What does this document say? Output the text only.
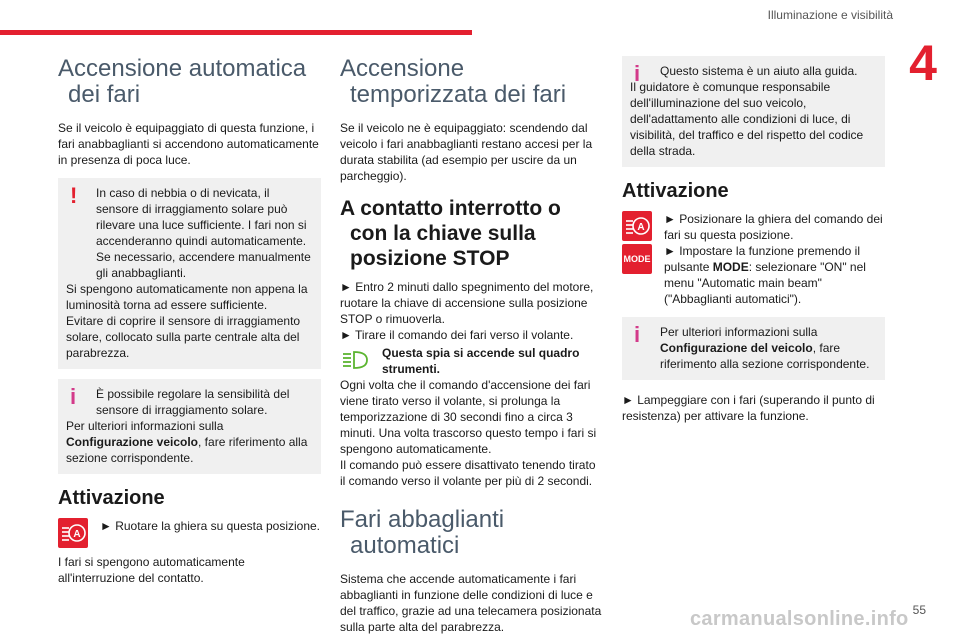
Illuminazione e visibilità
4
55
carmanualsonline.info
Accensione automatica dei fari

Se il veicolo è equipaggiato di questa funzione, i fari anabbaglianti si accendono automaticamente in presenza di poca luce.

!	In caso di nebbia o di nevicata, il sensore di irraggiamento solare può rilevare una luce sufficiente. I fari non si accenderanno quindi automaticamente. Se necessario, accendere manualmente gli anabbaglianti.
Si spengono automaticamente non appena la luminosità torna ad essere sufficiente.
Evitare di coprire il sensore di irraggiamento solare, collocato sulla parte centrale alta del parabrezza.
i	È possibile regolare la sensibilità del sensore di irraggiamento solare.
Per ulteriori informazioni sulla Configurazione veicolo, fare riferimento alla sezione corrispondente.
Attivazione
A
► Ruotare la ghiera su questa posizione.

I fari si spengono automaticamente all'interruzione del contatto.

Accensione temporizzata dei fari

Se il veicolo ne è equipaggiato: scendendo dal veicolo i fari anabbaglianti restano accesi per la durata stabilita (ad esempio per uscire da un parcheggio).

A contatto interrotto o con la chiave sulla posizione STOP

► Entro 2 minuti dallo spegnimento del motore, ruotare la chiave di accensione sulla posizione STOP o rimuoverla.

► Tirare il comando dei fari verso il volante.

Questa spia si accende sul quadro strumenti.

Ogni volta che il comando d'accensione dei fari viene tirato verso il volante, si prolunga la temporizzazione di 30 secondi fino a circa 3 minuti. Una volta trascorso questo tempo i fari si spengono automaticamente.

Il comando può essere disattivato tenendo tirato il comando verso il volante per più di 2 secondi.

Fari abbaglianti automatici

Sistema che accende automaticamente i fari abbaglianti in funzione delle condizioni di luce e del traffico, grazie ad una telecamera posizionata sulla parte alta del parabrezza.

i	Questo sistema è un aiuto alla guida.
Il guidatore è comunque responsabile dell'illuminazione del suo veicolo, dell'adattamento alle condizioni di luce, di visibilità, del traffico e del rispetto del codice della strada.
Attivazione
A
MODE
► Posizionare la ghiera del comando dei fari su questa posizione.
► Impostare la funzione premendo il pulsante MODE: selezionare "ON" nel menu "Automatic main beam" ("Abbaglianti automatici").
i	Per ulteriori informazioni sulla Configurazione del veicolo, fare riferimento alla sezione corrispondente.

► Lampeggiare con i fari (superando il punto di resistenza) per attivare la funzione.
